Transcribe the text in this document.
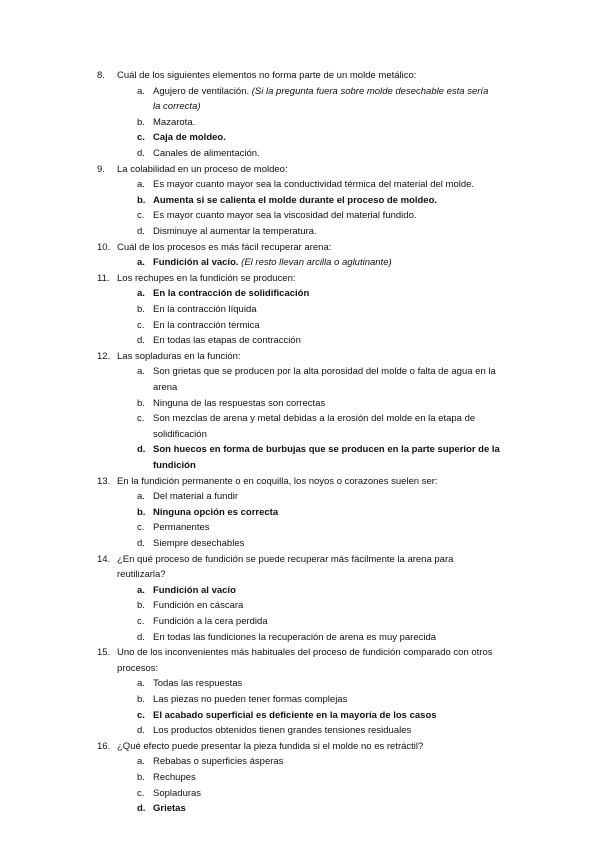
8. Cuál de los siguientes elementos no forma parte de un molde metálico:
a. Agujero de ventilación. (Si la pregunta fuera sobre molde desechable esta sería
la correcta)
b. Mazarota.
c. Caja de moldeo.
d. Canales de alimentación.
9. La colabilidad en un proceso de moldeo:
a. Es mayor cuanto mayor sea la conductividad térmica del material del molde.
b. Aumenta si se calienta el molde durante el proceso de moldeo.
c. Es mayor cuanto mayor sea la viscosidad del material fundido.
d. Disminuye al aumentar la temperatura.
10. Cuál de los procesos es más fácil recuperar arena:
a. Fundición al vacío. (El resto llevan arcilla o aglutinante)
11. Los rechupes en la fundición se producen:
a. En la contracción de solidificación
b. En la contracción líquida
c. En la contracción térmica
d. En todas las etapas de contracción
12. Las sopladuras en la función:
a. Son grietas que se producen por la alta porosidad del molde o falta de agua en la
arena
b. Ninguna de las respuestas son correctas
c. Son mezclas de arena y metal debidas a la erosión del molde en la etapa de
solidificación
d. Son huecos en forma de burbujas que se producen en la parte superior de la
fundición
13. En la fundición permanente o en coquilla, los noyos o corazones suelen ser:
a. Del material a fundir
b. Ninguna opción es correcta
c. Permanentes
d. Siempre desechables
14. ¿En qué proceso de fundición se puede recuperar más fácilmente la arena para
reutilizarla?
a. Fundición al vacío
b. Fundición en cáscara
c. Fundición a la cera perdida
d. En todas las fundiciones la recuperación de arena es muy parecida
15. Uno de los inconvenientes más habituales del proceso de fundición comparado con otros
procesos:
a. Todas las respuestas
b. Las piezas no pueden tener formas complejas
c. El acabado superficial es deficiente en la mayoría de los casos
d. Los productos obtenidos tienen grandes tensiones residuales
16. ¿Qué efecto puede presentar la pieza fundida si el molde no es retráctil?
a. Rebabas o superficies ásperas
b. Rechupes
c. Sopladuras
d. Grietas
